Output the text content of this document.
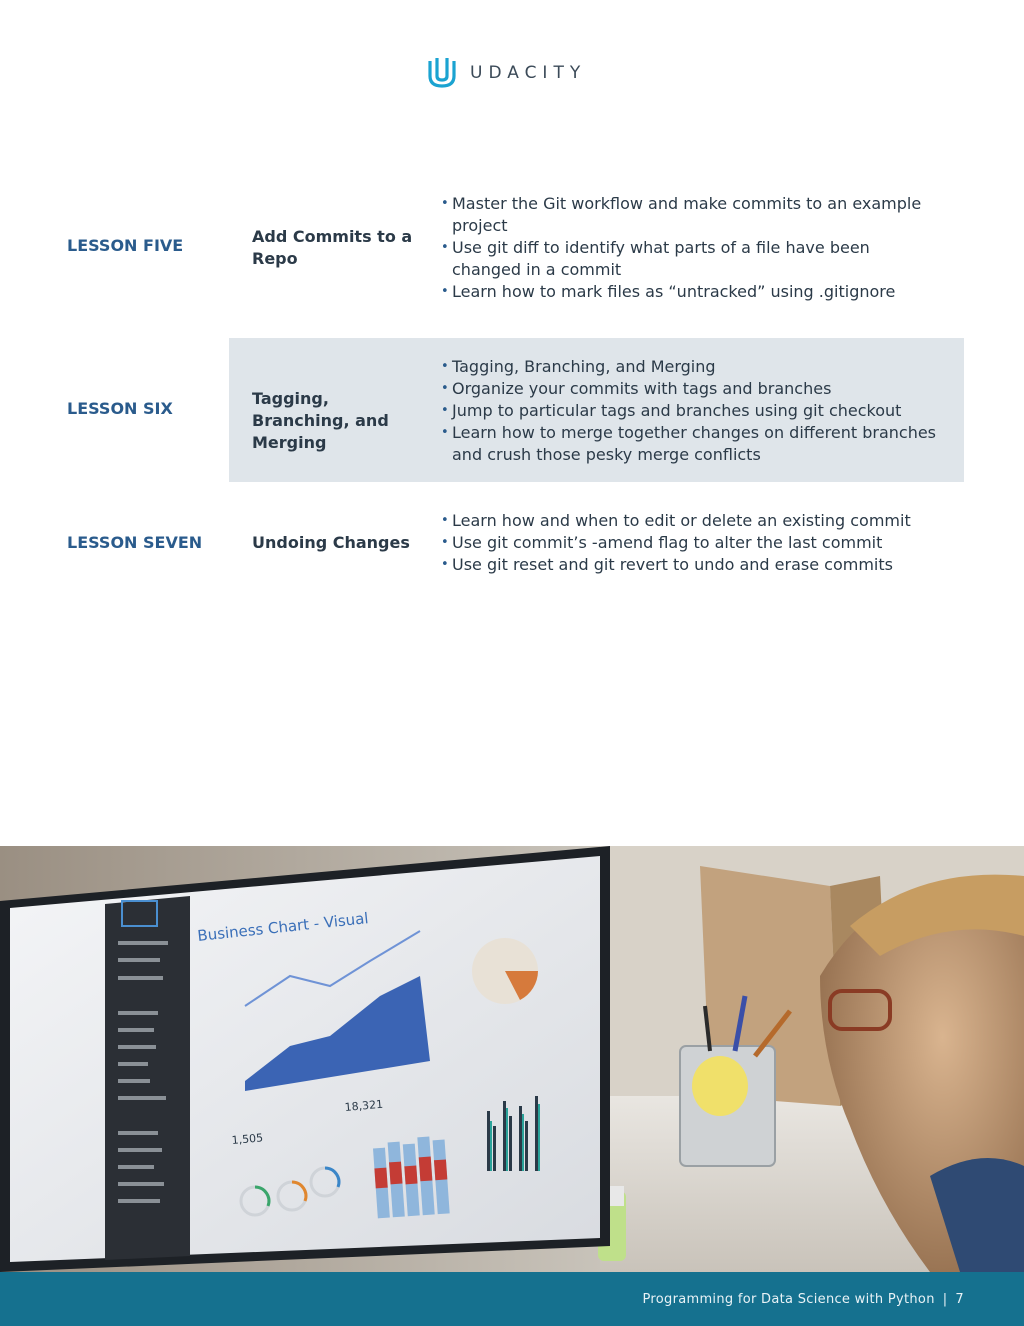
UDACITY
LESSON FIVE	Add Commits to a Repo
• Master the Git workflow and make commits to an example project
• Use git diff to identify what parts of a file have been changed in a commit
• Learn how to mark files as “untracked” using .gitignore
LESSON SIX
Tagging, Branching, and Merging
• Tagging, Branching, and Merging
• Organize your commits with tags and branches
• Jump to particular tags and branches using git checkout
• Learn how to merge together changes on different branches and crush those pesky merge conflicts
LESSON SEVEN	Undoing Changes
• Learn how and when to edit or delete an existing commit
• Use git commit’s -amend flag to alter the last commit
• Use git reset and git revert to undo and erase commits
Business Chart - Visual
18,321
1,505
Programming for Data Science with Python | 7
